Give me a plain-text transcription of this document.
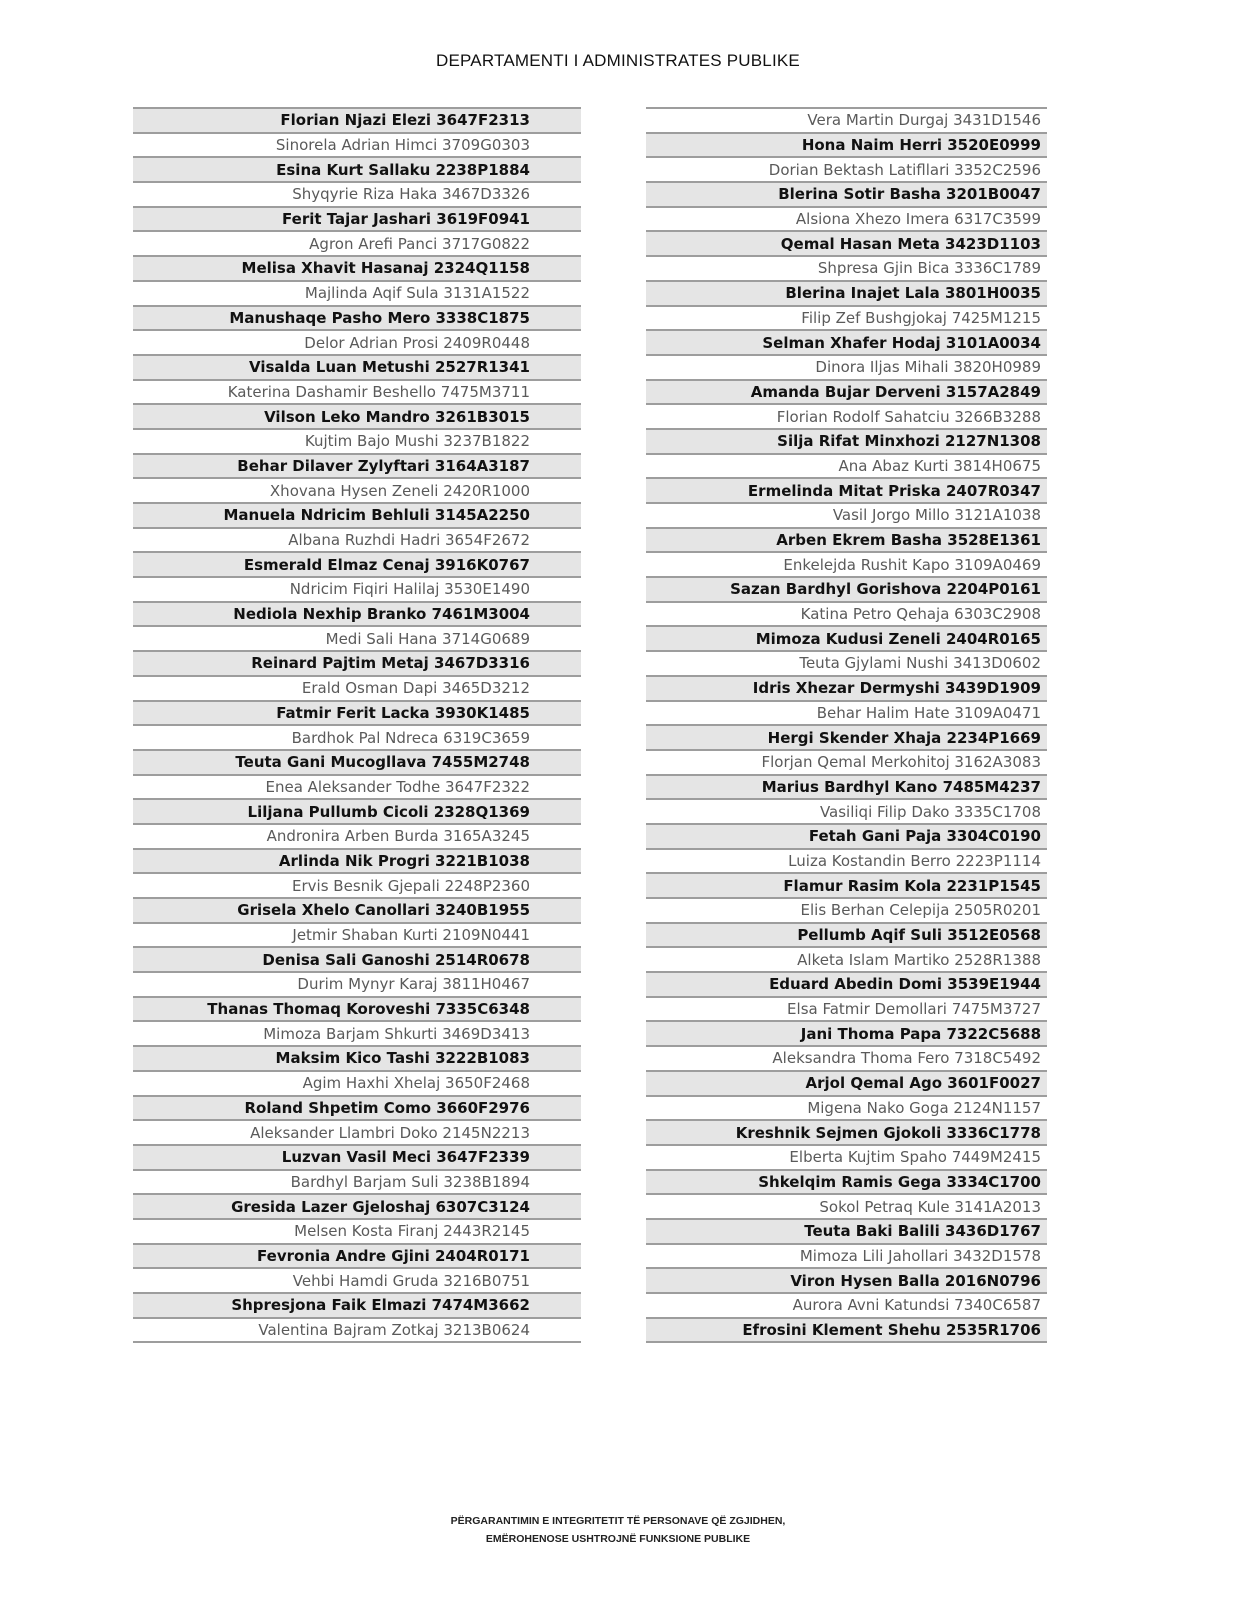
DEPARTAMENTI I ADMINISTRATES PUBLIKE
Florian Njazi Elezi 3647F2313
Sinorela Adrian Himci 3709G0303
Esina Kurt Sallaku 2238P1884
Shyqyrie Riza Haka 3467D3326
Ferit Tajar Jashari 3619F0941
Agron Arefi Panci 3717G0822
Melisa Xhavit Hasanaj 2324Q1158
Majlinda Aqif Sula 3131A1522
Manushaqe Pasho Mero 3338C1875
Delor Adrian Prosi 2409R0448
Visalda Luan Metushi 2527R1341
Katerina Dashamir Beshello 7475M3711
Vilson Leko Mandro 3261B3015
Kujtim Bajo Mushi 3237B1822
Behar Dilaver Zylyftari 3164A3187
Xhovana Hysen Zeneli 2420R1000
Manuela Ndricim Behluli 3145A2250
Albana Ruzhdi Hadri 3654F2672
Esmerald Elmaz Cenaj 3916K0767
Ndricim Fiqiri Halilaj 3530E1490
Nediola Nexhip Branko 7461M3004
Medi Sali Hana 3714G0689
Reinard Pajtim Metaj 3467D3316
Erald Osman Dapi 3465D3212
Fatmir Ferit Lacka 3930K1485
Bardhok Pal Ndreca 6319C3659
Teuta Gani Mucogllava 7455M2748
Enea Aleksander Todhe 3647F2322
Liljana Pullumb Cicoli 2328Q1369
Andronira Arben Burda 3165A3245
Arlinda Nik Progri 3221B1038
Ervis Besnik Gjepali 2248P2360
Grisela Xhelo Canollari 3240B1955
Jetmir Shaban Kurti 2109N0441
Denisa Sali Ganoshi 2514R0678
Durim Mynyr Karaj 3811H0467
Thanas Thomaq Koroveshi 7335C6348
Mimoza Barjam Shkurti 3469D3413
Maksim Kico Tashi 3222B1083
Agim Haxhi Xhelaj 3650F2468
Roland Shpetim Como 3660F2976
Aleksander Llambri Doko 2145N2213
Luzvan Vasil Meci 3647F2339
Bardhyl Barjam Suli 3238B1894
Gresida Lazer Gjeloshaj 6307C3124
Melsen Kosta Firanj 2443R2145
Fevronia Andre Gjini 2404R0171
Vehbi Hamdi Gruda 3216B0751
Shpresjona Faik Elmazi 7474M3662
Valentina Bajram Zotkaj 3213B0624
Vera Martin Durgaj 3431D1546
Hona Naim Herri 3520E0999
Dorian Bektash Latifllari 3352C2596
Blerina Sotir Basha 3201B0047
Alsiona Xhezo Imera 6317C3599
Qemal Hasan Meta 3423D1103
Shpresa Gjin Bica 3336C1789
Blerina Inajet Lala 3801H0035
Filip Zef Bushgjokaj 7425M1215
Selman Xhafer Hodaj 3101A0034
Dinora Iljas Mihali 3820H0989
Amanda Bujar Derveni 3157A2849
Florian Rodolf Sahatciu 3266B3288
Silja Rifat Minxhozi 2127N1308
Ana Abaz Kurti 3814H0675
Ermelinda Mitat Priska 2407R0347
Vasil Jorgo Millo 3121A1038
Arben Ekrem Basha 3528E1361
Enkelejda Rushit Kapo 3109A0469
Sazan Bardhyl Gorishova 2204P0161
Katina Petro Qehaja 6303C2908
Mimoza Kudusi Zeneli 2404R0165
Teuta Gjylami Nushi 3413D0602
Idris Xhezar Dermyshi 3439D1909
Behar Halim Hate 3109A0471
Hergi Skender Xhaja 2234P1669
Florjan Qemal Merkohitoj 3162A3083
Marius Bardhyl Kano 7485M4237
Vasiliqi Filip Dako 3335C1708
Fetah Gani Paja 3304C0190
Luiza Kostandin Berro 2223P1114
Flamur Rasim Kola 2231P1545
Elis Berhan Celepija 2505R0201
Pellumb Aqif Suli 3512E0568
Alketa Islam Martiko 2528R1388
Eduard Abedin Domi 3539E1944
Elsa Fatmir Demollari 7475M3727
Jani Thoma Papa 7322C5688
Aleksandra Thoma Fero 7318C5492
Arjol Qemal Ago 3601F0027
Migena Nako Goga 2124N1157
Kreshnik Sejmen Gjokoli 3336C1778
Elberta Kujtim Spaho 7449M2415
Shkelqim Ramis Gega 3334C1700
Sokol Petraq Kule 3141A2013
Teuta Baki Balili 3436D1767
Mimoza Lili Jahollari 3432D1578
Viron Hysen Balla 2016N0796
Aurora Avni Katundsi 7340C6587
Efrosini Klement Shehu 2535R1706
PËRGARANTIMIN E INTEGRITETIT TË PERSONAVE QË ZGJIDHEN,
EMËROHENOSE USHTROJNË FUNKSIONE PUBLIKE
